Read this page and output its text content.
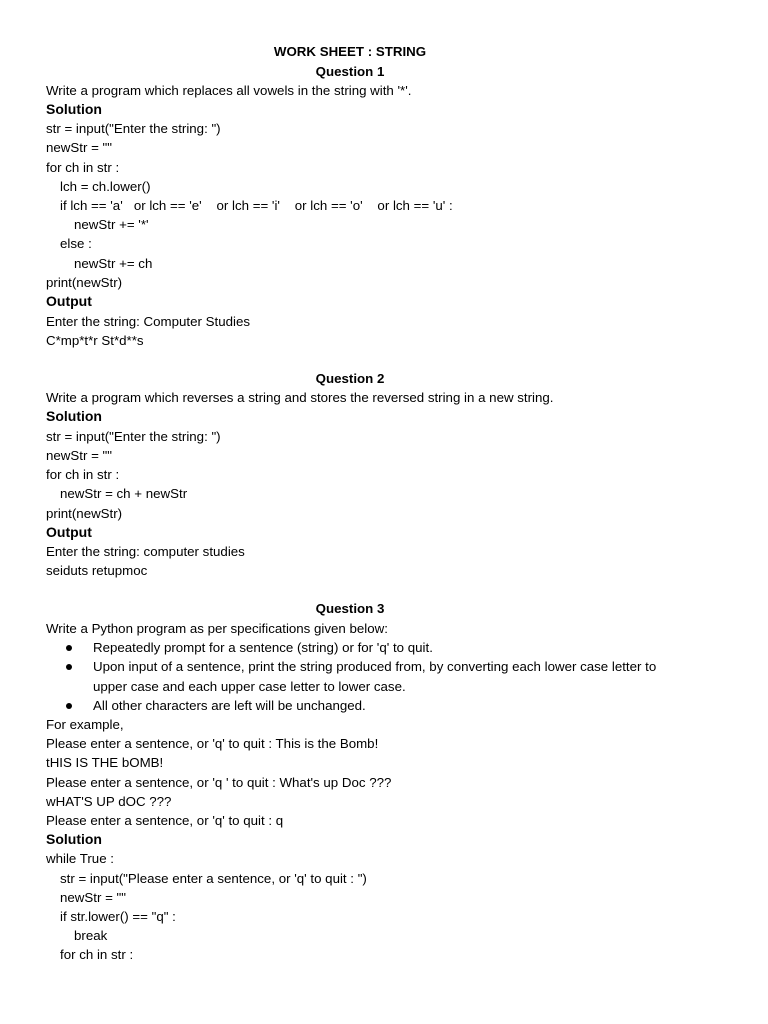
WORK SHEET : STRING
Question 1
Write a program which replaces all vowels in the string with '*'.
Solution
str = input("Enter the string: ")
newStr = ""
for ch in str :
lch = ch.lower()
if lch == 'a'   or lch == 'e'    or lch == 'i'    or lch == 'o'    or lch == 'u' :
newStr += '*'
else :
newStr += ch
print(newStr)
Output
Enter the string: Computer Studies
C*mp*t*r St*d**s
Question 2
Write a program which reverses a string and stores the reversed string in a new string.
Solution
str = input("Enter the string: ")
newStr = ""
for ch in str :
newStr = ch + newStr
print(newStr)
Output
Enter the string: computer studies
seiduts retupmoc
Question 3
Write a Python program as per specifications given below:
Repeatedly prompt for a sentence (string) or for 'q' to quit.
Upon input of a sentence, print the string produced from, by converting each lower case letter to
upper case and each upper case letter to lower case.
All other characters are left will be unchanged.
For example,
Please enter a sentence, or 'q' to quit : This is the Bomb!
tHIS IS THE bOMB!
Please enter a sentence, or 'q ' to quit : What's up Doc ???
wHAT'S UP dOC ???
Please enter a sentence, or 'q' to quit : q
Solution
while True :
str = input("Please enter a sentence, or 'q' to quit : ")
newStr = ""
if str.lower() == "q" :
break
for ch in str :
